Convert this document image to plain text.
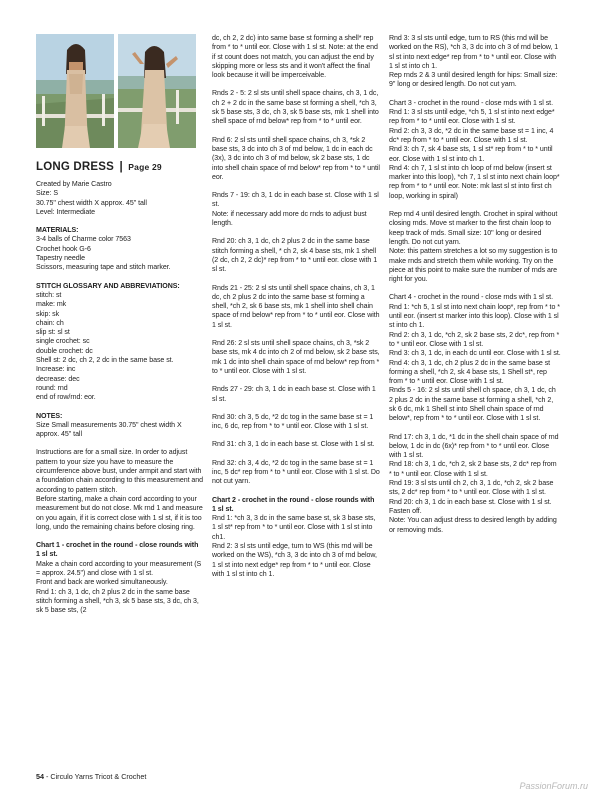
LONG DRESS | Page 29

Created by Marie Castro
Size: S
30.75" chest width X approx. 45" tall
Level: Intermediate

MATERIALS:

3-4 balls of Charme color 7563
Crochet hook G-6
Tapestry needle
Scissors, measuring tape and stitch marker.

STITCH GLOSSARY AND ABBREVIATIONS:

stitch: st
make: mk
skip: sk
chain: ch
slip st: sl st
single crochet: sc
double crochet: dc
Shell st: 2 dc, ch 2, 2 dc in the same base st.
Increase: inc
decrease: dec
round: rnd
end of row/rnd: eor.

NOTES:

Size Small measurements 30.75" chest width X approx. 45" tall

Instructions are for a small size. In order to adjust pattern to your size you have to measure the circumference above bust, under armpit and start with a foundation chain according to this measurement and according to pattern stitch.
Before starting, make a chain cord according to your measurement but do not close. Mk rnd 1 and measure on you again, if it is correct close with 1 sl st, if it is too long, undo the remaining chains before closing ring.

Chart 1 - crochet in the round - close rounds with 1 sl st.

Make a chain cord according to your measurement (S = approx. 24.5") and close with 1 sl st.
Front and back are worked simultaneously.
Rnd 1: ch 3, 1 dc, ch 2 plus 2 dc in the same base stitch forming a shell, *ch 3, sk 5 base sts, 3 dc, ch 3, sk 5 base sts, (2

dc, ch 2, 2 dc) into same base st forming a shell* rep from * to * until eor. Close with 1 sl st. Note: at the end if st count does not match, you can adjust the end by skipping more or less sts and it won't affect the final look because it will be imperceivable.

Rnds 2 - 5: 2 sl sts until shell space chains, ch 3, 1 dc, ch 2 + 2 dc in the same base st forming a shell, *ch 3, sk 5 base sts, 3 dc, ch 3, sk 5 base sts, mk 1 shell into shell space of rnd below* rep from * to * until eor.

Rnd 6: 2 sl sts until shell space chains, ch 3, *sk 2 base sts, 3 dc into ch 3 of rnd below, 1 dc in each dc (3x), 3 dc into ch 3 of rnd below, sk 2 base sts, 1 dc into shell chain space of rnd below* rep from * to * until eor.

Rnds 7 - 19: ch 3, 1 dc in each base st. Close with 1 sl st.
Note: if necessary add more dc rnds to adjust bust length.

Rnd 20: ch 3, 1 dc, ch 2 plus 2 dc in the same base stitch forming a shell, * ch 2, sk 4 base sts, mk 1 shell (2 dc, ch 2, 2 dc)* rep from * to * until eor. close with 1 sl st.

Rnds 21 - 25: 2 sl sts until shell space chains, ch 3, 1 dc, ch 2 plus 2 dc into the same base st forming a shell, *ch 2, sk 6 base sts, mk 1 shell into shell chain space of rnd below* rep from * to * until eor. Close with 1 sl st.

Rnd 26: 2 sl sts until shell space chains, ch 3, *sk 2 base sts, mk 4 dc into ch 2 of rnd below, sk 2 base sts, mk 1 dc into shell chain space of rnd below* rep from * to * until eor. Close with 1 sl st.

Rnds 27 - 29: ch 3, 1 dc in each base st. Close with 1 sl st.

Rnd 30: ch 3, 5 dc, *2 dc tog in the same base st = 1 inc, 6 dc, rep from * to * until eor. Close with 1 sl st.

Rnd 31: ch 3, 1 dc in each base st. Close with 1 sl st.

Rnd 32: ch 3, 4 dc, *2 dc tog in the same base st = 1 inc, 5 dc* rep from * to * until eor. Close with 1 sl st. Do not cut yarn.

Chart 2 - crochet in the round - close rounds with 1 sl st.

Rnd 1: *ch 3, 3 dc in the same base st, sk 3 base sts, 1 sl st* rep from * to * until eor. Close with 1 sl st into ch1.
Rnd 2: 3 sl sts until edge, turn to WS (this rnd will be worked on the WS), *ch 3, 3 dc into ch 3 of rnd below, 1 sl st into next edge* rep from * to * until eor. Close with 1 sl st into ch 1.

Rnd 3: 3 sl sts until edge, turn to RS (this rnd will be worked on the RS), *ch 3, 3 dc into ch 3 of rnd below, 1 sl st into next edge* rep from * to * until eor. Close with 1 sl st into ch 1.
Rep rnds 2 & 3 until desired length for hips: Small size: 9" long or desired length. Do not cut yarn.

Chart 3 - crochet in the round - close rnds with 1 sl st.
Rnd 1: 3 sl sts until edge, *ch 5, 1 sl st into next edge* rep from * to * until eor. Close with 1 sl st.
Rnd 2: ch 3, 3 dc, *2 dc in the same base st = 1 inc, 4 dc* rep from * to * until eor. Close with 1 sl st.
Rnd 3: ch 7, sk 4 base sts, 1 sl st* rep from * to * until eor. Close with 1 sl st into ch 1.
Rnd 4: ch 7, 1 sl st into ch loop of rnd below (insert st marker into this loop), *ch 7, 1 sl st into next chain loop* rep from * to * until eor. Note: mk last sl st into first ch loop, working in spiral)

Rep rnd 4 until desired length. Crochet in spiral without closing rnds. Move st marker to the first chain loop to keep track of rnds. Small size: 10" long or desired length. Do not cut yarn.
Note: this pattern stretches a lot so my suggestion is to make rnds and stretch them while working. Try on the piece at this point to make sure the number of rnds are right for you.

Chart 4 - crochet in the round - close rnds with 1 sl st.
Rnd 1: *ch 5, 1 sl st into next chain loop*, rep from * to * until eor. (insert st marker into this loop). Close with 1 sl st into ch 1.
Rnd 2: ch 3, 1 dc, *ch 2, sk 2 base sts, 2 dc*, rep from * to * until eor. Close with 1 sl st.
Rnd 3: ch 3, 1 dc, in each dc until eor. Close with 1 sl st.
Rnd 4: ch 3, 1 dc, ch 2 plus 2 dc in the same base st forming a shell, *ch 2, sk 4 base sts, 1 Shell st*, rep from * to * until eor. Close with 1 sl st.
Rnds 5 - 16: 2 sl sts until shell ch space, ch 3, 1 dc, ch 2 plus 2 dc in the same base st forming a shell, *ch 2, sk 6 dc, mk 1 Shell st into Shell chain space of rnd below*, rep from * to * until eor. Close with 1 sl st.

Rnd 17: ch 3, 1 dc, *1 dc in the shell chain space of rnd below, 1 dc in dc (6x)* rep from * to * until eor. Close with 1 sl st.
Rnd 18: ch 3, 1 dc, *ch 2, sk 2 base sts, 2 dc* rep from * to * until eor. Close with 1 sl st.
Rnd 19: 3 sl sts until ch 2, ch 3, 1 dc, *ch 2, sk 2 base sts, 2 dc* rep from * to * until eor. Close with 1 sl st.
Rnd 20: ch 3, 1 dc in each base st. Close with 1 sl st. Fasten off.
Note: You can adjust dress to desired length by adding or removing rnds.

54 - Circulo Yarns Tricot & Crochet
PassionForum.ru
